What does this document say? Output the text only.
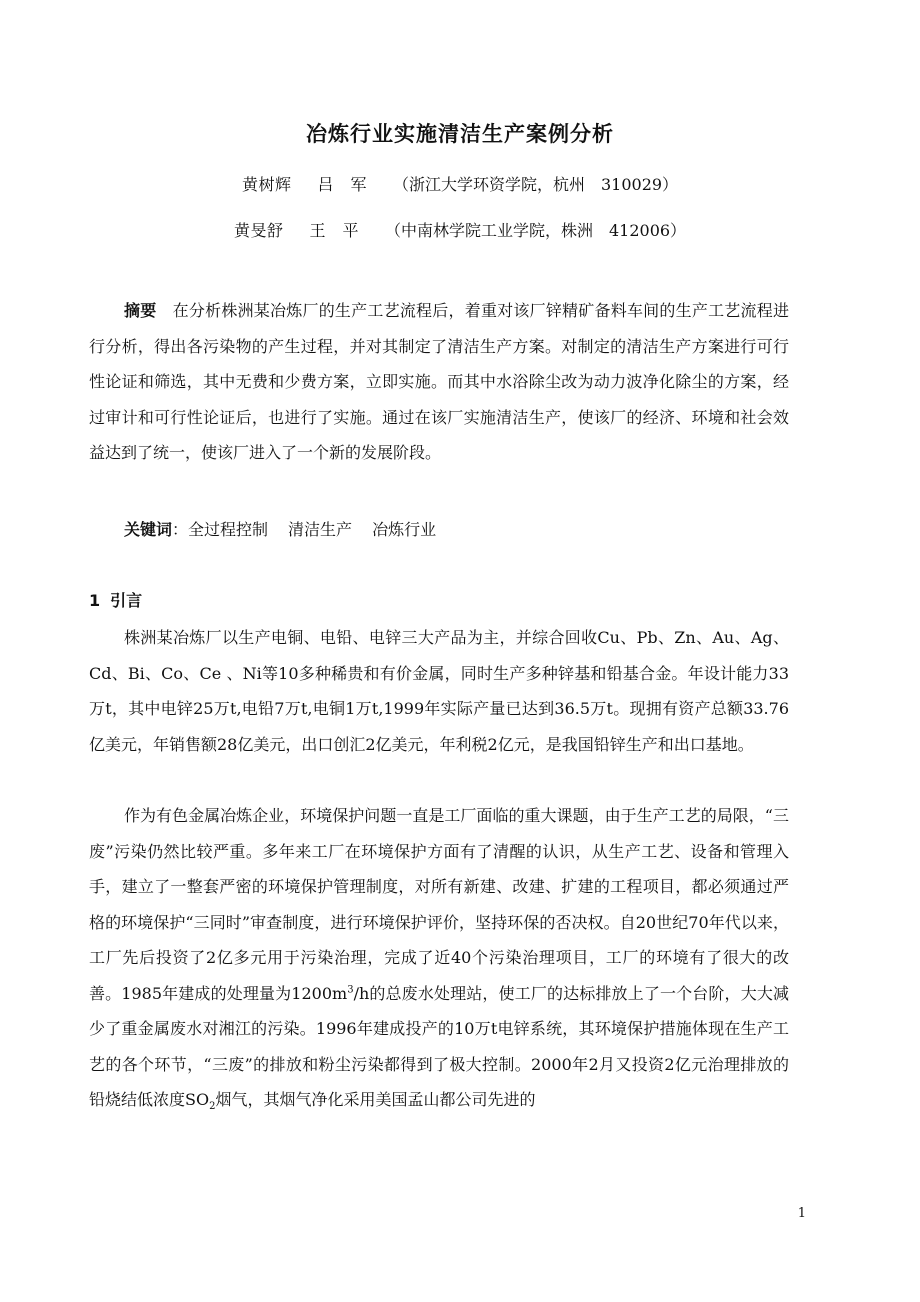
冶炼行业实施清洁生产案例分析
黄树辉 吕　军 （浙江大学环资学院，杭州　310029）
黄旻舒 王　平 （中南林学院工业学院，株洲　412006）

摘要 在分析株洲某冶炼厂的生产工艺流程后，着重对该厂锌精矿备料车间的生产工艺流程进行分析，得出各污染物的产生过程，并对其制定了清洁生产方案。对制定的清洁生产方案进行可行性论证和筛选，其中无费和少费方案，立即实施。而其中水浴除尘改为动力波净化除尘的方案，经过审计和可行性论证后，也进行了实施。通过在该厂实施清洁生产，使该厂的经济、环境和社会效益达到了统一，使该厂进入了一个新的发展阶段。

关键词：全过程控制 清洁生产 冶炼行业

1 引言

株洲某冶炼厂以生产电铜、电铅、电锌三大产品为主，并综合回收Cu、Pb、Zn、Au、Ag、Cd、Bi、Co、Ce 、Ni等10多种稀贵和有价金属，同时生产多种锌基和铅基合金。年设计能力33万t，其中电锌25万t,电铅7万t,电铜1万t,1999年实际产量已达到36.5万t。现拥有资产总额33.76亿美元，年销售额28亿美元，出口创汇2亿美元，年利税2亿元，是我国铅锌生产和出口基地。

作为有色金属冶炼企业，环境保护问题一直是工厂面临的重大课题，由于生产工艺的局限，“三废”污染仍然比较严重。多年来工厂在环境保护方面有了清醒的认识，从生产工艺、设备和管理入手，建立了一整套严密的环境保护管理制度，对所有新建、改建、扩建的工程项目，都必须通过严格的环境保护“三同时”审查制度，进行环境保护评价，坚持环保的否决权。自20世纪70年代以来，工厂先后投资了2亿多元用于污染治理，完成了近40个污染治理项目，工厂的环境有了很大的改善。1985年建成的处理量为$1200m^3/h$的总废水处理站，使工厂的达标排放上了一个台阶，大大减少了重金属废水对湘江的污染。1996年建成投产的10万t电锌系统，其环境保护措施体现在生产工艺的各个环节，“三废”的排放和粉尘污染都得到了极大控制。2000年2月又投资2亿元治理排放的铅烧结低浓度$SO_2$烟气，其烟气净化采用美国孟山都公司先进的

1
